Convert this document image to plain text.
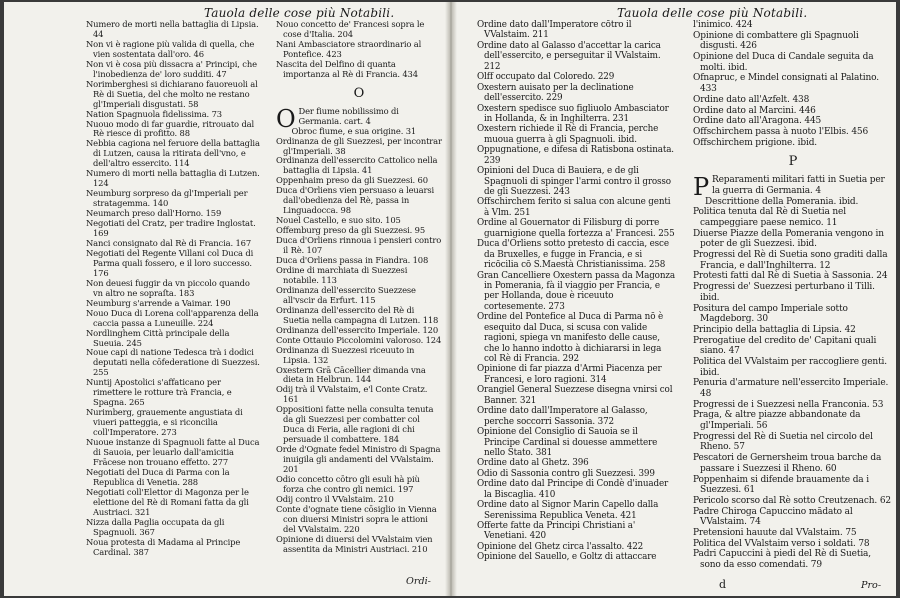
Tauola delle cose più Notabili.

Numero de morti nella battaglia di Lipsia. 44

Non vi è ragione più valida di quella, che vien sostentata dall'oro. 46

Non vi è cosa più dissacra a' Principi, che l'inobedienza de' loro sudditi. 47

Norimberghesi si dichiarano fauoreuoli al Rè di Suetia, del che molto ne restano gl'Imperiali disgustati. 58

Nation Spagnuola fidelissima. 73

Nuouo modo di far guardie, ritrouato dal Rè riesce di profitto. 88

Nebbia cagiona nel feruore della battaglia di Lutzen, causa la ritirata dell'vno, e dell'altro essercito. 114

Numero di morti nella battaglia di Lutzen. 124

Neumburg sorpreso da gl'Imperiali per stratagemma. 140

Neumarch preso dall'Horno. 159

Negotiati del Cratz, per tradire Inglostat. 169

Nanci consignato dal Rè di Francia. 167

Negotiati del Regente Villani col Duca di Parma quali fossero, e il loro successo. 176

Non deuesi fuggir da vn piccolo quando vn altro ne sopraſta. 183

Neumburg s'arrende a Vaimar. 190

Nouo Duca di Lorena coll'apparenza della caccia passa a Luneuille. 224

Nordlinghem Città principale della Sueuia. 245

Noue capi di natione Tedesca trà i dodici deputati nella cōfederatione di Suezzesi. 255

Nuntij Apostolici s'affaticano per rimettere le rotture trà Francia, e Spagna. 265

Nurimberg, grauemente angustiata di viueri patteggia, e si riconcilia coll'Imperatore. 273

Nuoue instanze di Spagnuoli fatte al Duca di Sauoia, per leuarlo dall'amicitia Frācese non trouano effetto. 277

Negotiati del Duca di Parma con la Republica di Venetia. 288

Negotiati coll'Elettor di Magonza per le elettione del Rè di Romani fatta da gli Austriaci. 321

Nizza dalla Paglia occupata da gli Spagnuoli. 367

Noua protesta di Madama al Principe Cardinal. 387

Nouo concetto de' Francesi sopra le cose d'Italia. 204

Nani Ambasciatore straordinario al Pontefice. 423

Nascita del Delfino di quanta importanza al Rè di Francia. 434

O

O Der fiume nobilissimo di Germania. cart. 4

Obroc fiume, e sua origine. 31

Ordinanza de gli Suezzesi, per incontrar gl'Imperiali. 38

Ordinanza dell'essercito Cattolico nella battaglia di Lipsia. 41

Oppenhaim preso da gli Suezzesi. 60

Duca d'Orliens vien persuaso a leuarsi dall'obedienza del Rè, passa in Linguadocca. 98

Nouel Castello, e suo sito. 105

Offemburg preso da gli Suezzesi. 95

Duca d'Orliens rinnoua i pensieri contro il Rè. 107

Duca d'Orliens passa in Fiandra. 108

Ordine di marchiata di Suezzesi notabile. 113

Ordinanza dell'essercito Suezzese all'vscir da Erfurt. 115

Ordinanza dell'essercito del Rè di Suetia nella campagna di Lutzen. 118

Ordinanza dell'essercito Imperiale. 120

Conte Ottauio Piccolomini valoroso. 124

Ordinanza di Suezzesi riceuuto in Lipsia. 132

Oxestern Grā Cācellier dimanda vna dieta in Helbrun. 144

Odij trà il VValstaim, e'l Conte Cratz. 161

Oppositioni fatte nella consulta tenuta da gli Suezzesi per combatter col Duca di Feria, alle ragioni di chi persuade il combattere. 184

Orde d'Ognate fedel Ministro di Spagna inuigila gli andamenti del VValstaim. 201

Odio concetto cōtro gli esuli hà più forza che contro gli nemici. 197

Odij contro il VValstaim. 210

Conte d'ognate tiene cōsiglio in Vienna con diuersi Ministri sopra le attioni del VValstaim. 220

Opinione di diuersi del VValstaim vien assentita da Ministri Austriaci. 210

Ordi-
Tauola delle cose più Notabili.

Ordine dato dall'Imperatore cōtro il VValstaim. 211

Ordine dato al Galasso d'accettar la carica dell'essercito, e perseguitar il VValstaim. 212

Olff occupato dal Coloredo. 229

Oxestern auisato per la declinatione dell'essercito. 229

Oxestern spedisce suo figliuolo Ambasciator in Hollanda, & in Inghilterra. 231

Oxestern richiede il Rè di Francia, perche muoua guerra à gli Spagnuoli. ibid.

Oppugnatione, e difesa di Ratisbona ostinata. 239

Opinioni del Duca di Bauiera, e de gli Spagnuoli di spinger l'armi contro il grosso de gli Suezzesi. 243

Offschirchem ferito si salua con alcune genti à Vlm. 251

Ordine al Gouernator di Filisburg di porre guarnigione quella fortezza a' Francesi. 255

Duca d'Orliens sotto pretesto di caccia, esce da Bruxelles, e fugge in Francia, e si ricōcilia cō S.Maestà Christianissima. 258

Gran Cancelliere Oxestern passa da Magonza in Pomerania, fà il viaggio per Francia, e per Hollanda, doue è riceuuto cortesemente. 273

Ordine del Pontefice al Duca di Parma nō è esequito dal Duca, si scusa con valide ragioni, spiega vn manifesto delle cause, che lo hanno indotto à dichiararsi in lega col Rè di Francia. 292

Opinione di far piazza d'Armi Piacenza per Francesi, e loro ragioni. 314

Orangiel General Suezzese disegna vnirsi col Banner. 321

Ordine dato dall'Imperatore al Galasso, perche soccorri Sassonia. 372

Opinione del Consiglio di Sauoia se il Principe Cardinal si douesse ammettere nello Stato. 381

Ordine dato al Ghetz. 396

Odio di Sassonia contro gli Suezzesi. 399

Ordine dato dal Principe di Condè d'inuader la Biscaglia. 410

Ordine dato al Signor Marin Capello dalla Serenissima Republica Veneta. 421

Offerte fatte da Principi Christiani a' Venetiani. 420

Opinione del Ghetz circa l'assalto. 422

Opinione del Sauello, e Goltz di attaccare

l'inimico. 424

Opinione di combattere gli Spagnuoli disgusti. 426

Opinione del Duca di Candale seguita da molti. ibid.

Ofnapruc, e Mindel consignati al Palatino. 433

Ordine dato all'Azfelt. 438

Ordine dato al Marcini. 446

Ordine dato all'Aragona. 445

Offschirchem passa à nuoto l'Elbis. 456

Offschirchem prigione. ibid.

P

P Reparamenti militari fatti in Suetia per la guerra di Germania. 4

Descrittione della Pomerania. ibid.

Politica tenuta dal Rè di Suetia nel campeggiare paese nemico. 11

Diuerse Piazze della Pomerania vengono in poter de gli Suezzesi. ibid.

Progressi del Rè di Suetia sono graditi dalla Francia, e dall'Inghilterra. 12

Protesti fatti dal Rè di Suetia à Sassonia. 24

Progressi de' Suezzesi perturbano il Tilli. ibid.

Positura del campo Imperiale sotto Magdeborg. 30

Principio della battaglia di Lipsia. 42

Prerogatiue del credito de' Capitani quali siano. 47

Politica del VValstaim per raccogliere genti. ibid.

Penuria d'armature nell'essercito Imperiale. 48

Progressi de i Suezzesi nella Franconia. 53

Praga, & altre piazze abbandonate da gl'Imperiali. 56

Progressi del Rè di Suetia nel circolo del Rheno. 57

Pescatori de Gernersheim troua barche da passare i Suezzesi il Rheno. 60

Poppenhaim si difende brauamente da i Suezzesi. 61

Pericolo scorso dal Rè sotto Creutzenach. 62

Padre Chiroga Capuccino mādato al VValstaim. 74

Pretensioni hauute dal VValstaim. 75

Politica del VValstaim verso i soldati. 78

Padri Capuccini à piedi del Rè di Suetia, sono da esso comendati. 79

d	Pro-
